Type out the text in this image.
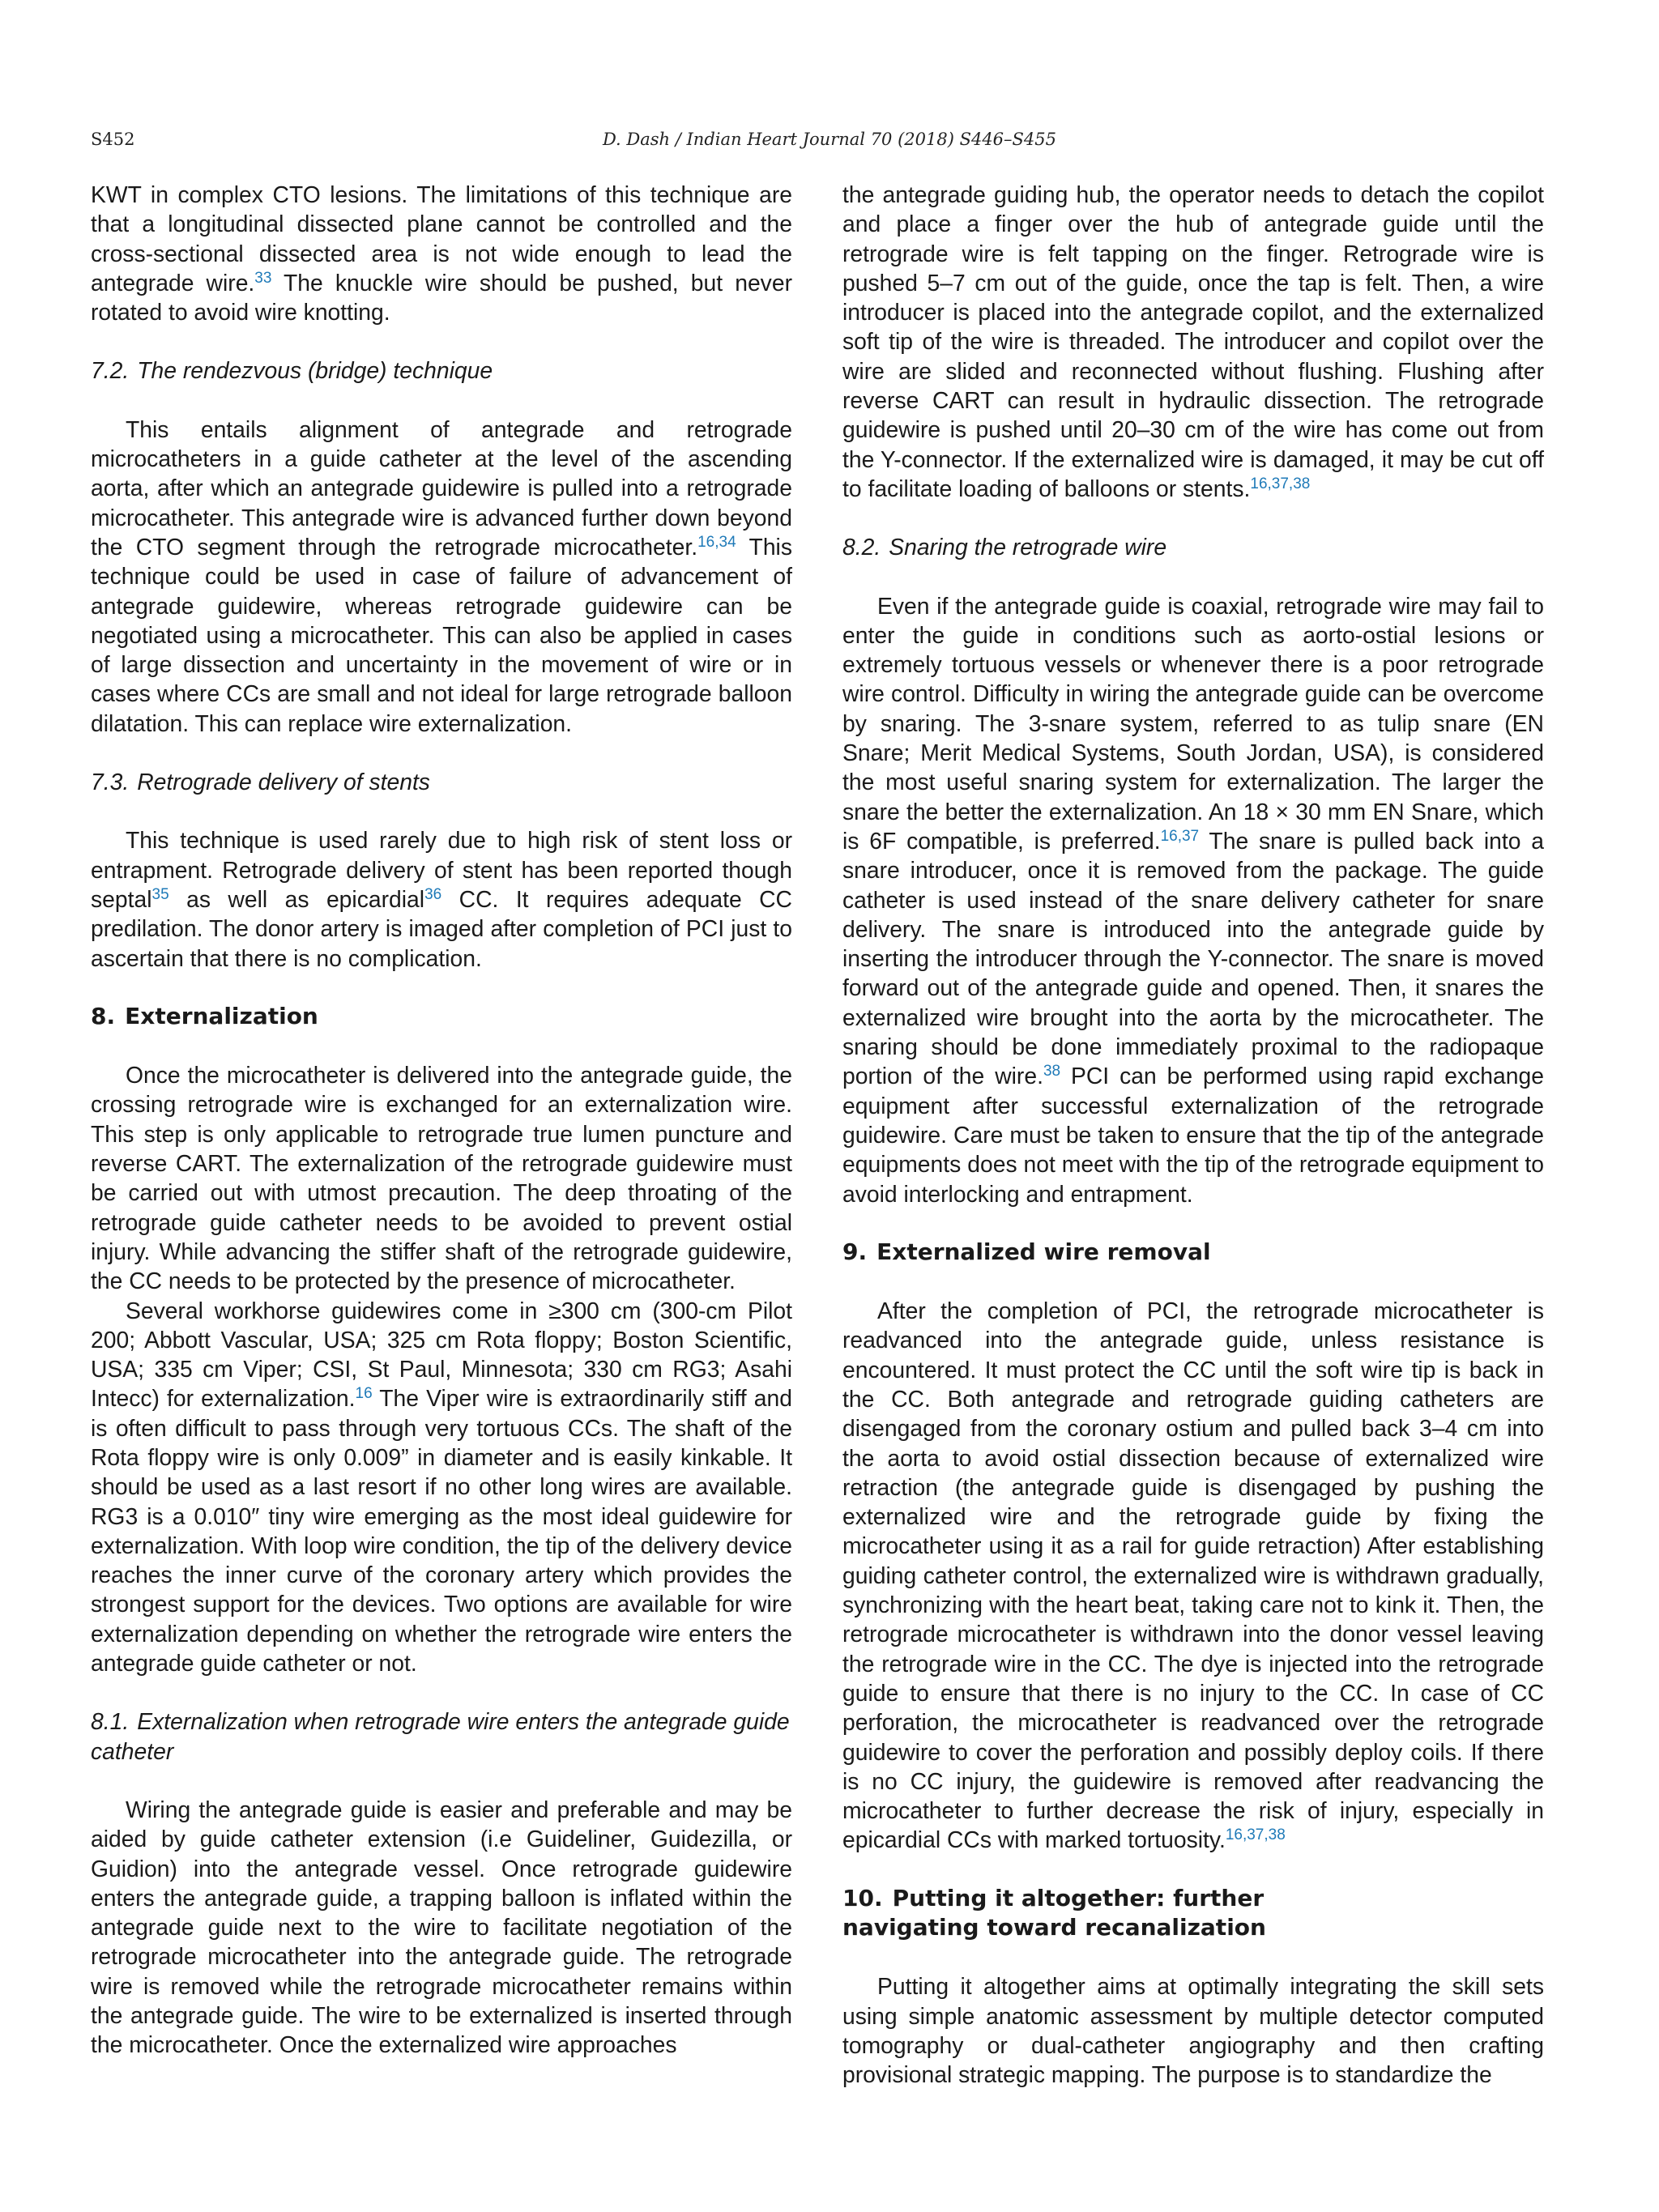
S452	D. Dash / Indian Heart Journal 70 (2018) S446–S455

KWT in complex CTO lesions. The limitations of this technique are that a longitudinal dissected plane cannot be controlled and the cross-sectional dissected area is not wide enough to lead the antegrade wire.$^{33}$ The knuckle wire should be pushed, but never rotated to avoid wire knotting.

7.2. The rendezvous (bridge) technique

This entails alignment of antegrade and retrograde microcatheters in a guide catheter at the level of the ascending aorta, after which an antegrade guidewire is pulled into a retrograde microcatheter. This antegrade wire is advanced further down beyond the CTO segment through the retrograde microcatheter.$^{16,34}$ This technique could be used in case of failure of advancement of antegrade guidewire, whereas retrograde guidewire can be negotiated using a microcatheter. This can also be applied in cases of large dissection and uncertainty in the movement of wire or in cases where CCs are small and not ideal for large retrograde balloon dilatation. This can replace wire externalization.

7.3. Retrograde delivery of stents

This technique is used rarely due to high risk of stent loss or entrapment. Retrograde delivery of stent has been reported though septal$^{35}$ as well as epicardial$^{36}$ CC. It requires adequate CC predilation. The donor artery is imaged after completion of PCI just to ascertain that there is no complication.

8. Externalization

Once the microcatheter is delivered into the antegrade guide, the crossing retrograde wire is exchanged for an externalization wire. This step is only applicable to retrograde true lumen puncture and reverse CART. The externalization of the retrograde guidewire must be carried out with utmost precaution. The deep throating of the retrograde guide catheter needs to be avoided to prevent ostial injury. While advancing the stiffer shaft of the retrograde guidewire, the CC needs to be protected by the presence of microcatheter.

Several workhorse guidewires come in ≥300 cm (300-cm Pilot 200; Abbott Vascular, USA; 325 cm Rota floppy; Boston Scientific, USA; 335 cm Viper; CSI, St Paul, Minnesota; 330 cm RG3; Asahi Intecc) for externalization.$^{16}$ The Viper wire is extraordinarily stiff and is often difficult to pass through very tortuous CCs. The shaft of the Rota floppy wire is only 0.009” in diameter and is easily kinkable. It should be used as a last resort if no other long wires are available. RG3 is a 0.010″ tiny wire emerging as the most ideal guidewire for externalization. With loop wire condition, the tip of the delivery device reaches the inner curve of the coronary artery which provides the strongest support for the devices. Two options are available for wire externalization depending on whether the retrograde wire enters the antegrade guide catheter or not.

8.1. Externalization when retrograde wire enters the antegrade guide catheter

Wiring the antegrade guide is easier and preferable and may be aided by guide catheter extension (i.e Guideliner, Guidezilla, or Guidion) into the antegrade vessel. Once retrograde guidewire enters the antegrade guide, a trapping balloon is inflated within the antegrade guide next to the wire to facilitate negotiation of the retrograde microcatheter into the antegrade guide. The retrograde wire is removed while the retrograde microcatheter remains within the antegrade guide. The wire to be externalized is inserted through the microcatheter. Once the externalized wire approaches

the antegrade guiding hub, the operator needs to detach the copilot and place a finger over the hub of antegrade guide until the retrograde wire is felt tapping on the finger. Retrograde wire is pushed 5–7 cm out of the guide, once the tap is felt. Then, a wire introducer is placed into the antegrade copilot, and the externalized soft tip of the wire is threaded. The introducer and copilot over the wire are slided and reconnected without flushing. Flushing after reverse CART can result in hydraulic dissection. The retrograde guidewire is pushed until 20–30 cm of the wire has come out from the Y-connector. If the externalized wire is damaged, it may be cut off to facilitate loading of balloons or stents.$^{16,37,38}$

8.2. Snaring the retrograde wire

Even if the antegrade guide is coaxial, retrograde wire may fail to enter the guide in conditions such as aorto-ostial lesions or extremely tortuous vessels or whenever there is a poor retrograde wire control. Difficulty in wiring the antegrade guide can be overcome by snaring. The 3-snare system, referred to as tulip snare (EN Snare; Merit Medical Systems, South Jordan, USA), is considered the most useful snaring system for externalization. The larger the snare the better the externalization. An 18 × 30 mm EN Snare, which is 6F compatible, is preferred.$^{16,37}$ The snare is pulled back into a snare introducer, once it is removed from the package. The guide catheter is used instead of the snare delivery catheter for snare delivery. The snare is introduced into the antegrade guide by inserting the introducer through the Y-connector. The snare is moved forward out of the antegrade guide and opened. Then, it snares the externalized wire brought into the aorta by the microcatheter. The snaring should be done immediately proximal to the radiopaque portion of the wire.$^{38}$ PCI can be performed using rapid exchange equipment after successful externalization of the retrograde guidewire. Care must be taken to ensure that the tip of the antegrade equipments does not meet with the tip of the retrograde equipment to avoid interlocking and entrapment.

9. Externalized wire removal

After the completion of PCI, the retrograde microcatheter is readvanced into the antegrade guide, unless resistance is encountered. It must protect the CC until the soft wire tip is back in the CC. Both antegrade and retrograde guiding catheters are disengaged from the coronary ostium and pulled back 3–4 cm into the aorta to avoid ostial dissection because of externalized wire retraction (the antegrade guide is disengaged by pushing the externalized wire and the retrograde guide by fixing the microcatheter using it as a rail for guide retraction) After establishing guiding catheter control, the externalized wire is withdrawn gradually, synchronizing with the heart beat, taking care not to kink it. Then, the retrograde microcatheter is withdrawn into the donor vessel leaving the retrograde wire in the CC. The dye is injected into the retrograde guide to ensure that there is no injury to the CC. In case of CC perforation, the microcatheter is readvanced over the retrograde guidewire to cover the perforation and possibly deploy coils. If there is no CC injury, the guidewire is removed after readvancing the microcatheter to further decrease the risk of injury, especially in epicardial CCs with marked tortuosity.$^{16,37,38}$

10. Putting it altogether: further navigating toward recanalization

Putting it altogether aims at optimally integrating the skill sets using simple anatomic assessment by multiple detector computed tomography or dual-catheter angiography and then crafting provisional strategic mapping. The purpose is to standardize the
